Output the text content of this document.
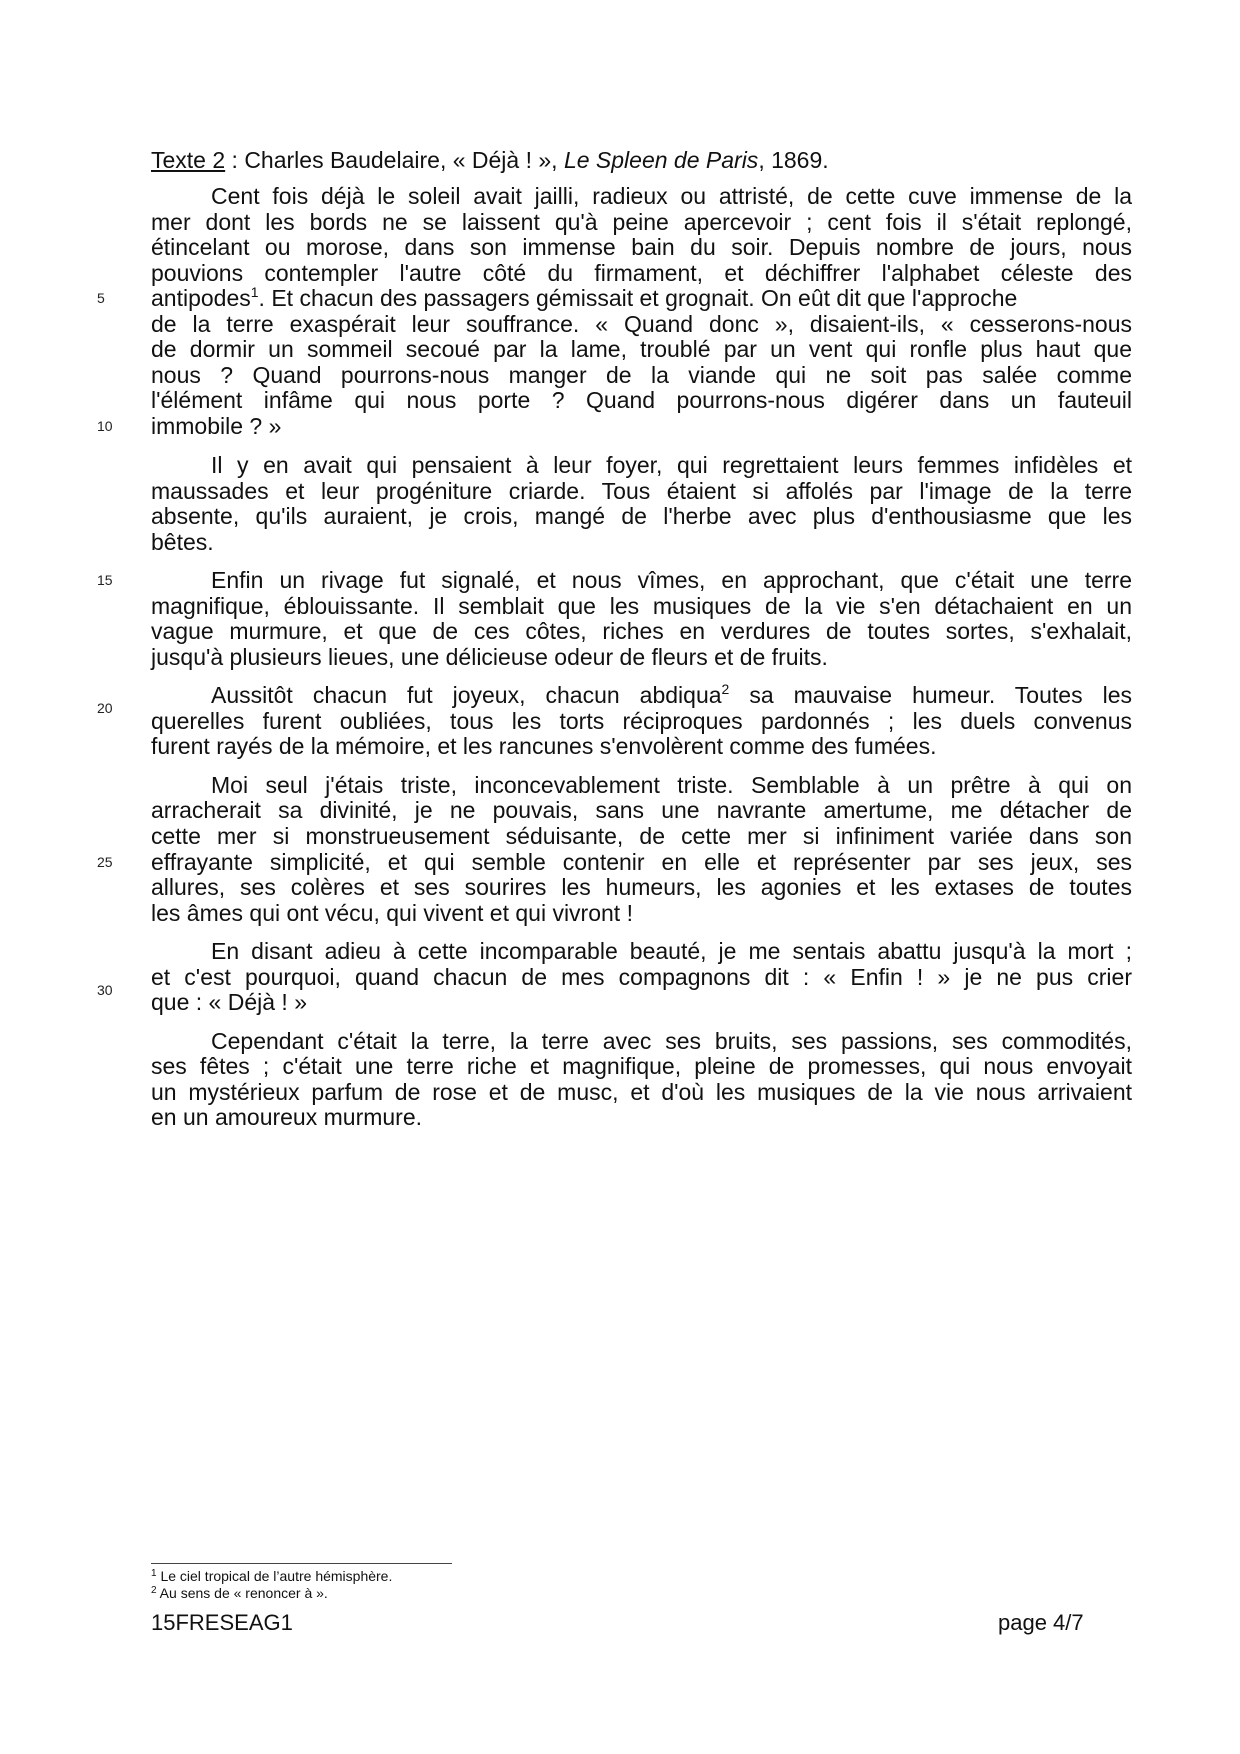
Texte 2 : Charles Baudelaire, « Déjà ! », Le Spleen de Paris, 1869.
5
10
15
20
25
30
Cent fois déjà le soleil avait jailli, radieux ou attristé, de cette cuve immense de la
mer dont les bords ne se laissent qu'à peine apercevoir ; cent fois il s'était replongé,
étincelant ou morose, dans son immense bain du soir. Depuis nombre de jours, nous
pouvions contempler l'autre côté du firmament, et déchiffrer l'alphabet céleste des
antipodes$^1$. Et chacun des passagers gémissait et grognait. On eût dit que l'approche
de la terre exaspérait leur souffrance. « Quand donc », disaient-ils, « cesserons-nous
de dormir un sommeil secoué par la lame, troublé par un vent qui ronfle plus haut que
nous ? Quand pourrons-nous manger de la viande qui ne soit pas salée comme
l'élément infâme qui nous porte ? Quand pourrons-nous digérer dans un fauteuil
immobile ? »
Il y en avait qui pensaient à leur foyer, qui regrettaient leurs femmes infidèles et
maussades et leur progéniture criarde. Tous étaient si affolés par l'image de la terre
absente, qu'ils auraient, je crois, mangé de l'herbe avec plus d'enthousiasme que les
bêtes.
Enfin un rivage fut signalé, et nous vîmes, en approchant, que c'était une terre
magnifique, éblouissante. Il semblait que les musiques de la vie s'en détachaient en un
vague murmure, et que de ces côtes, riches en verdures de toutes sortes, s'exhalait,
jusqu'à plusieurs lieues, une délicieuse odeur de fleurs et de fruits.
Aussitôt chacun fut joyeux, chacun abdiqua$^2$ sa mauvaise humeur. Toutes les
querelles furent oubliées, tous les torts réciproques pardonnés ; les duels convenus
furent rayés de la mémoire, et les rancunes s'envolèrent comme des fumées.
Moi seul j'étais triste, inconcevablement triste. Semblable à un prêtre à qui on
arracherait sa divinité, je ne pouvais, sans une navrante amertume, me détacher de
cette mer si monstrueusement séduisante, de cette mer si infiniment variée dans son
effrayante simplicité, et qui semble contenir en elle et représenter par ses jeux, ses
allures, ses colères et ses sourires les humeurs, les agonies et les extases de toutes
les âmes qui ont vécu, qui vivent et qui vivront !
En disant adieu à cette incomparable beauté, je me sentais abattu jusqu'à la mort ;
et c'est pourquoi, quand chacun de mes compagnons dit : « Enfin ! » je ne pus crier
que : « Déjà ! »
Cependant c'était la terre, la terre avec ses bruits, ses passions, ses commodités,
ses fêtes ; c'était une terre riche et magnifique, pleine de promesses, qui nous envoyait
un mystérieux parfum de rose et de musc, et d'où les musiques de la vie nous arrivaient
en un amoureux murmure.
$^1$ Le ciel tropical de l’autre hémisphère.
$^2$ Au sens de « renoncer à ».
15FRESEAG1	page 4/7
